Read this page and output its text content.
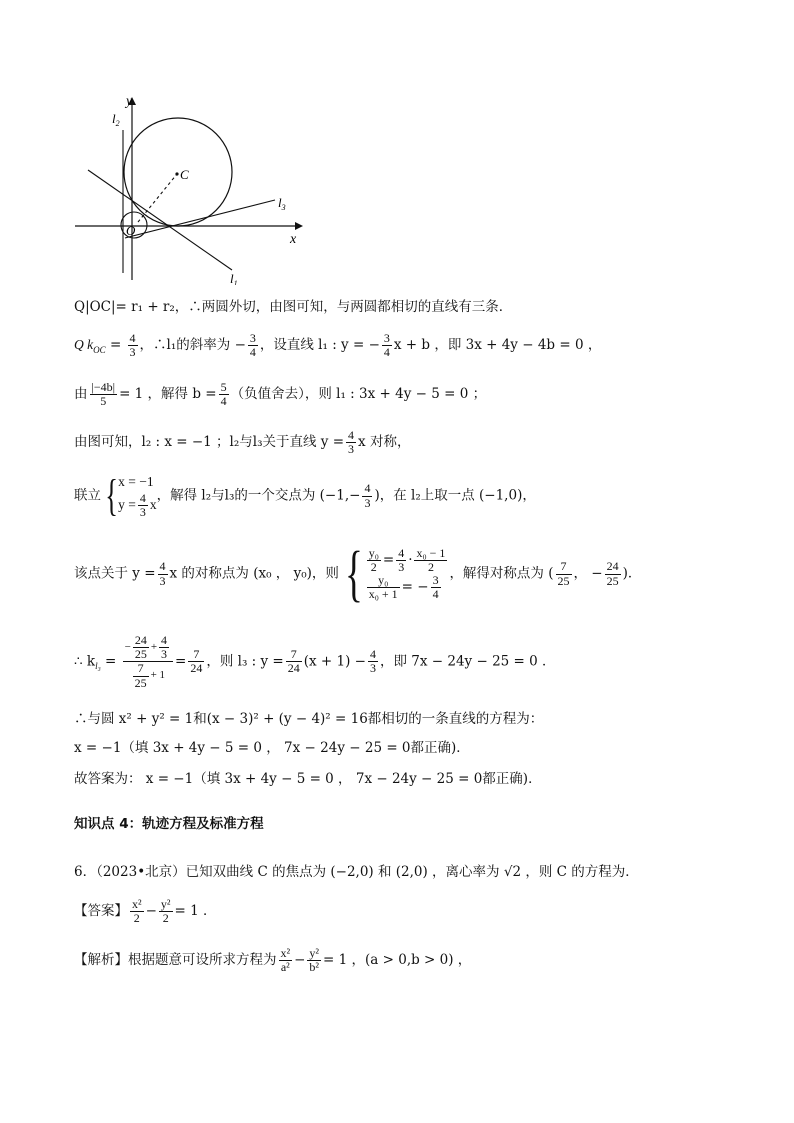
C
O
x
y
$l_2$
$l_3$
$l_1$
Q|OC|= r₁ + r₂，∴两圆外切，由图可知，与两圆都相切的直线有三条．
Q $k_{OC} = \frac{4}{3}$ ，∴l₁的斜率为 − $\frac{3}{4}$ ，设直线 l₁ : y = − $\frac{3}{4}$ x + b ，即 3x + 4y − 4b = 0 ，
由 $\frac{|-4b|}{5} = 1$ ，解得 $b = \frac{5}{4}$ （负值舍去），则 l₁ : 3x + 4y − 5 = 0 ；
由图可知，l₂ : x = −1 ；l₂与l₃关于直线 $y = \frac{4}{3}$ x 对称，
联立{ x = −1
$y = \frac{4}{3}$ x
，解得 l₂与l₃的一个交点为 ($-1,- \frac{4}{3}$ )，在 l₂上取一点 (−1,0)，
该点关于 $y = \frac{4}{3}$ x 的对称点为 (x₀ ， y₀)，则{ $\frac{\text{y₀}}{2} = \frac{4}{3} \cdot \frac{\text{x₀ − 1}}{2}$
$\frac{\text{y₀}}{\text{x₀ + 1}}$ = − $\frac{3}{4}$
，解得对称点为 ( $\frac{7}{25}$ ， − $\frac{24}{25}$ )．
∴ $k_{l_3} = \frac{- \frac{24}{25} + \frac{4}{3}}{\frac{7}{25} + 1} = \frac{7}{24}$ ，则 l₃ : $y = \frac{7}{24} (x + 1) - \frac{4}{3}$ ，即 7x − 24y − 25 = 0 ．
∴与圆 x² + y² = 1和(x − 3)² + (y − 4)² = 16都相切的一条直线的方程为：
x = −1（填 3x + 4y − 5 = 0 ， 7x − 24y − 25 = 0都正确)．
故答案为： x = −1（填 3x + 4y − 5 = 0 ， 7x − 24y − 25 = 0都正确)．
知识点 4：轨迹方程及标准方程
6．（2023•北京）已知双曲线 C 的焦点为 (−2,0) 和 (2,0) ，离心率为 √2 ，则 C 的方程为．
【答案】 $\frac{\text{x²}}{2} - \frac{\text{y²}}{2} = 1$ ．
【解析】根据题意可设所求方程为 $\frac{\text{x²}}{\text{a²}} - \frac{\text{y²}}{\text{b²}} = 1$ ，(a > 0,b > 0) ，
